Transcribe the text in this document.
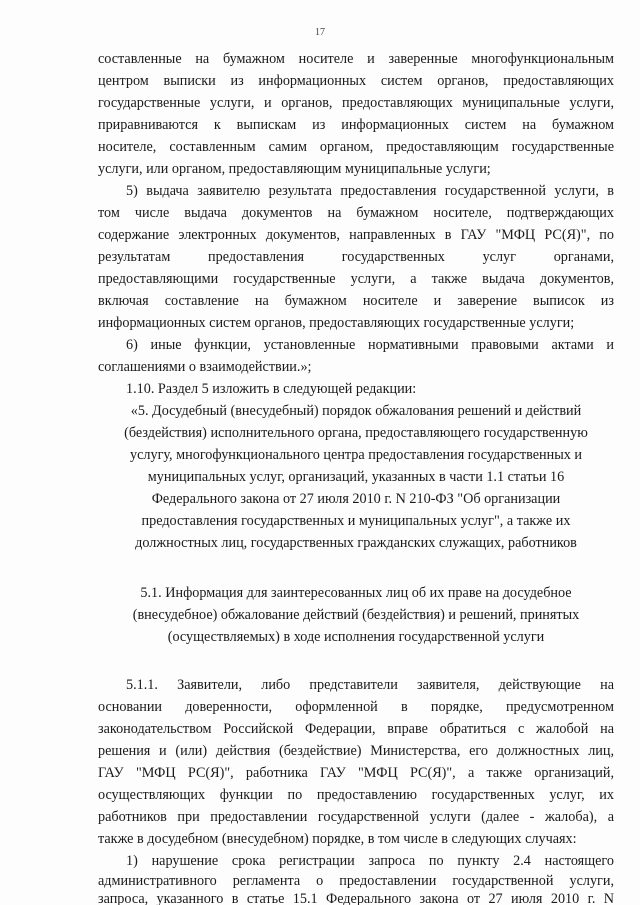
17

составленные на бумажном носителе и заверенные многофункциональным

центром выписки из информационных систем органов, предоставляющих

государственные услуги, и органов, предоставляющих муниципальные услуги,

приравниваются к выпискам из информационных систем на бумажном

носителе, составленным самим органом, предоставляющим государственные

услуги, или органом, предоставляющим муниципальные услуги;

5) выдача заявителю результата предоставления государственной услуги, в

том числе выдача документов на бумажном носителе, подтверждающих

содержание электронных документов, направленных в ГАУ "МФЦ РС(Я)", по

результатам предоставления государственных услуг органами,

предоставляющими государственные услуги, а также выдача документов,

включая составление на бумажном носителе и заверение выписок из

информационных систем органов, предоставляющих государственные услуги;

6) иные функции, установленные нормативными правовыми актами и

соглашениями о взаимодействии.»;

1.10. Раздел 5 изложить в следующей редакции:

«5. Досудебный (внесудебный) порядок обжалования решений и действий

(бездействия) исполнительного органа, предоставляющего государственную

услугу, многофункционального центра предоставления государственных и

муниципальных услуг, организаций, указанных в части 1.1 статьи 16

Федерального закона от 27 июля 2010 г. N 210-ФЗ "Об организации

предоставления государственных и муниципальных услуг", а также их

должностных лиц, государственных гражданских служащих, работников

5.1. Информация для заинтересованных лиц об их праве на досудебное

(внесудебное) обжалование действий (бездействия) и решений, принятых

(осуществляемых) в ходе исполнения государственной услуги

5.1.1. Заявители, либо представители заявителя, действующие на

основании доверенности, оформленной в порядке, предусмотренном

законодательством Российской Федерации, вправе обратиться с жалобой на

решения и (или) действия (бездействие) Министерства, его должностных лиц,

ГАУ "МФЦ РС(Я)", работника ГАУ "МФЦ РС(Я)", а также организаций,

осуществляющих функции по предоставлению государственных услуг, их

работников при предоставлении государственной услуги (далее - жалоба), а

также в досудебном (внесудебном) порядке, в том числе в следующих случаях:

1) нарушение срока регистрации запроса по пункту 2.4 настоящего

административного регламента о предоставлении государственной услуги,

запроса, указанного в статье 15.1 Федерального закона от 27 июля 2010 г. N
